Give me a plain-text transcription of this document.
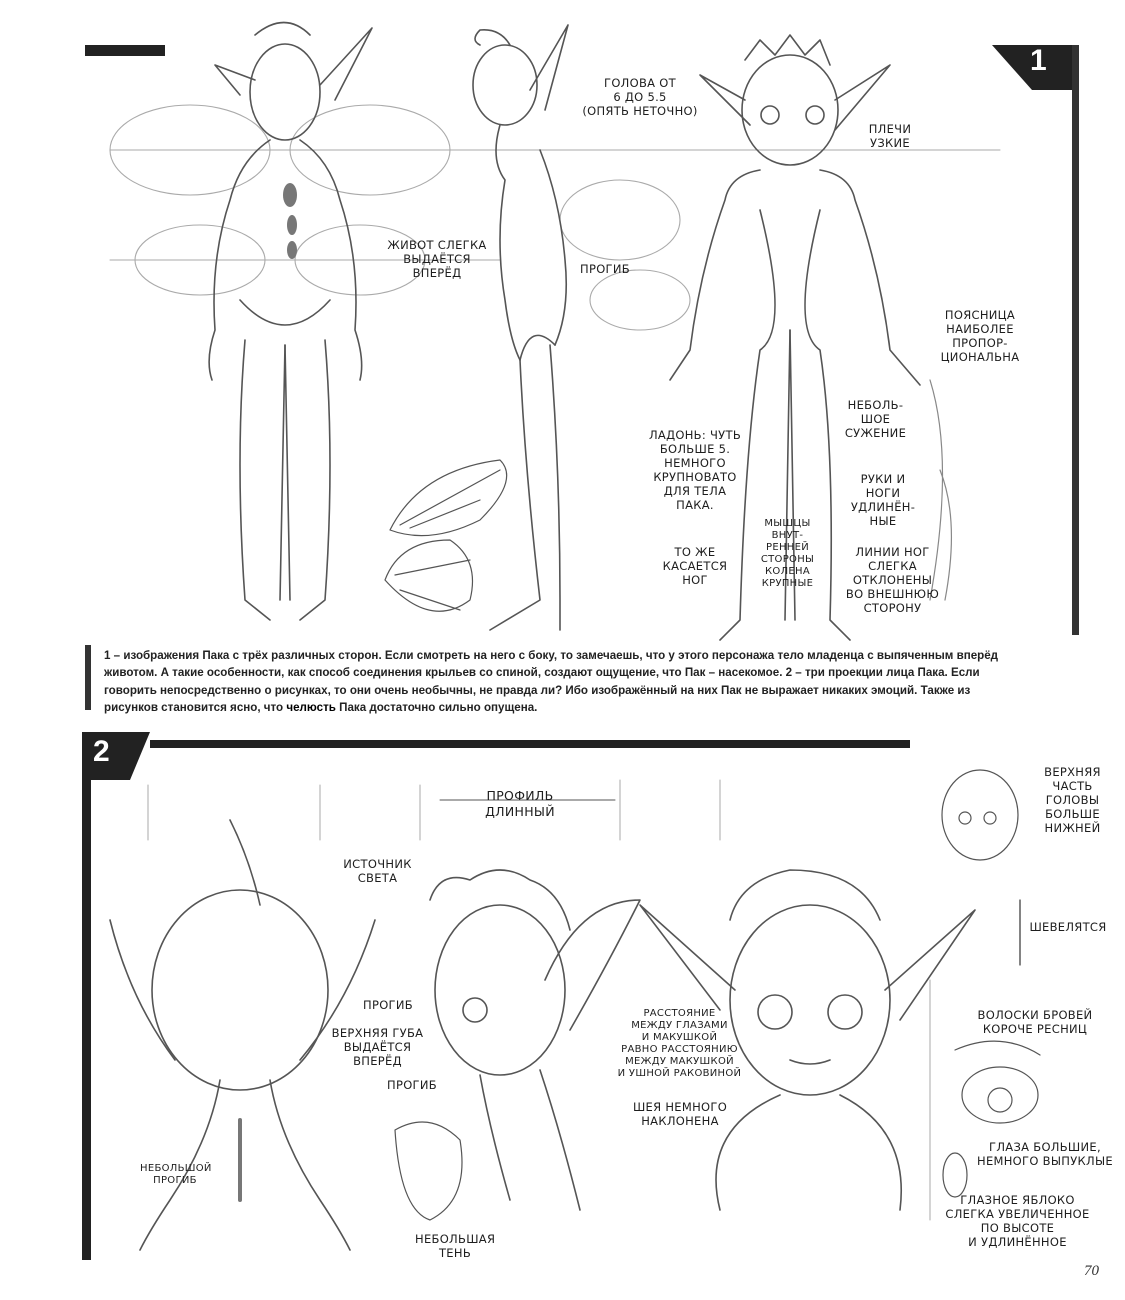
1
2
ГОЛОВА ОТ
6 ДО 5.5
(ОПЯТЬ НЕТОЧНО)
ПЛЕЧИ
УЗКИЕ
ЖИВОТ СЛЕГКА
ВЫДАЁТСЯ
ВПЕРЁД	ПРОГИБ
ПОЯСНИЦА
НАИБОЛЕЕ
ПРОПОР-
ЦИОНАЛЬНА
НЕБОЛЬ-
ШОЕ
СУЖЕНИЕ
ЛАДОНЬ: ЧУТЬ
БОЛЬШЕ 5.
НЕМНОГО
КРУПНОВАТО
ДЛЯ ТЕЛА
ПАКА.
РУКИ И
НОГИ
УДЛИНЁН-
НЫЕ
МЫШЦЫ
ВНУТ-
РЕННЕЙ
СТОРОНЫ
КОЛЕНА
КРУПНЫЕ
ТО ЖЕ
КАСАЕТСЯ
НОГ
ЛИНИИ НОГ
СЛЕГКА
ОТКЛОНЕНЫ
ВО ВНЕШНЮЮ
СТОРОНУ
1 – изображения Пака с трёх различных сторон. Если смотреть на него с боку, то замечаешь, что у этого персонажа тело младенца с выпяченным вперёд животом. А такие особенности, как способ соединения крыльев со спиной, создают ощущение, что Пак – насекомое. 2 – три проекции лица Пака. Если говорить непосредственно о рисунках, то они очень необычны, не правда ли? Ибо изображённый на них Пак не выражает никаких эмоций. Также из рисунков становится ясно, что челюсть Пака достаточно сильно опущена.
ПРОФИЛЬ
ДЛИННЫЙ
ВЕРХНЯЯ
ЧАСТЬ
ГОЛОВЫ
БОЛЬШЕ
НИЖНЕЙ
ИСТОЧНИК
СВЕТА
ШЕВЕЛЯТСЯ
ПРОГИБ
ВЕРХНЯЯ ГУБА
ВЫДАЁТСЯ
ВПЕРЁД
ПРОГИБ
РАССТОЯНИЕ
МЕЖДУ ГЛАЗАМИ
И МАКУШКОЙ
РАВНО РАССТОЯНИЮ
МЕЖДУ МАКУШКОЙ
И УШНОЙ РАКОВИНОЙ
ВОЛОСКИ БРОВЕЙ
КОРОЧЕ РЕСНИЦ
ШЕЯ НЕМНОГО
НАКЛОНЕНА
ГЛАЗА БОЛЬШИЕ,
НЕМНОГО ВЫПУКЛЫЕ
НЕБОЛЬШОЙ
ПРОГИБ
ГЛАЗНОЕ ЯБЛОКО
СЛЕГКА УВЕЛИЧЕННОЕ
ПО ВЫСОТЕ
И УДЛИНЁННОЕ
НЕБОЛЬШАЯ
ТЕНЬ
70
